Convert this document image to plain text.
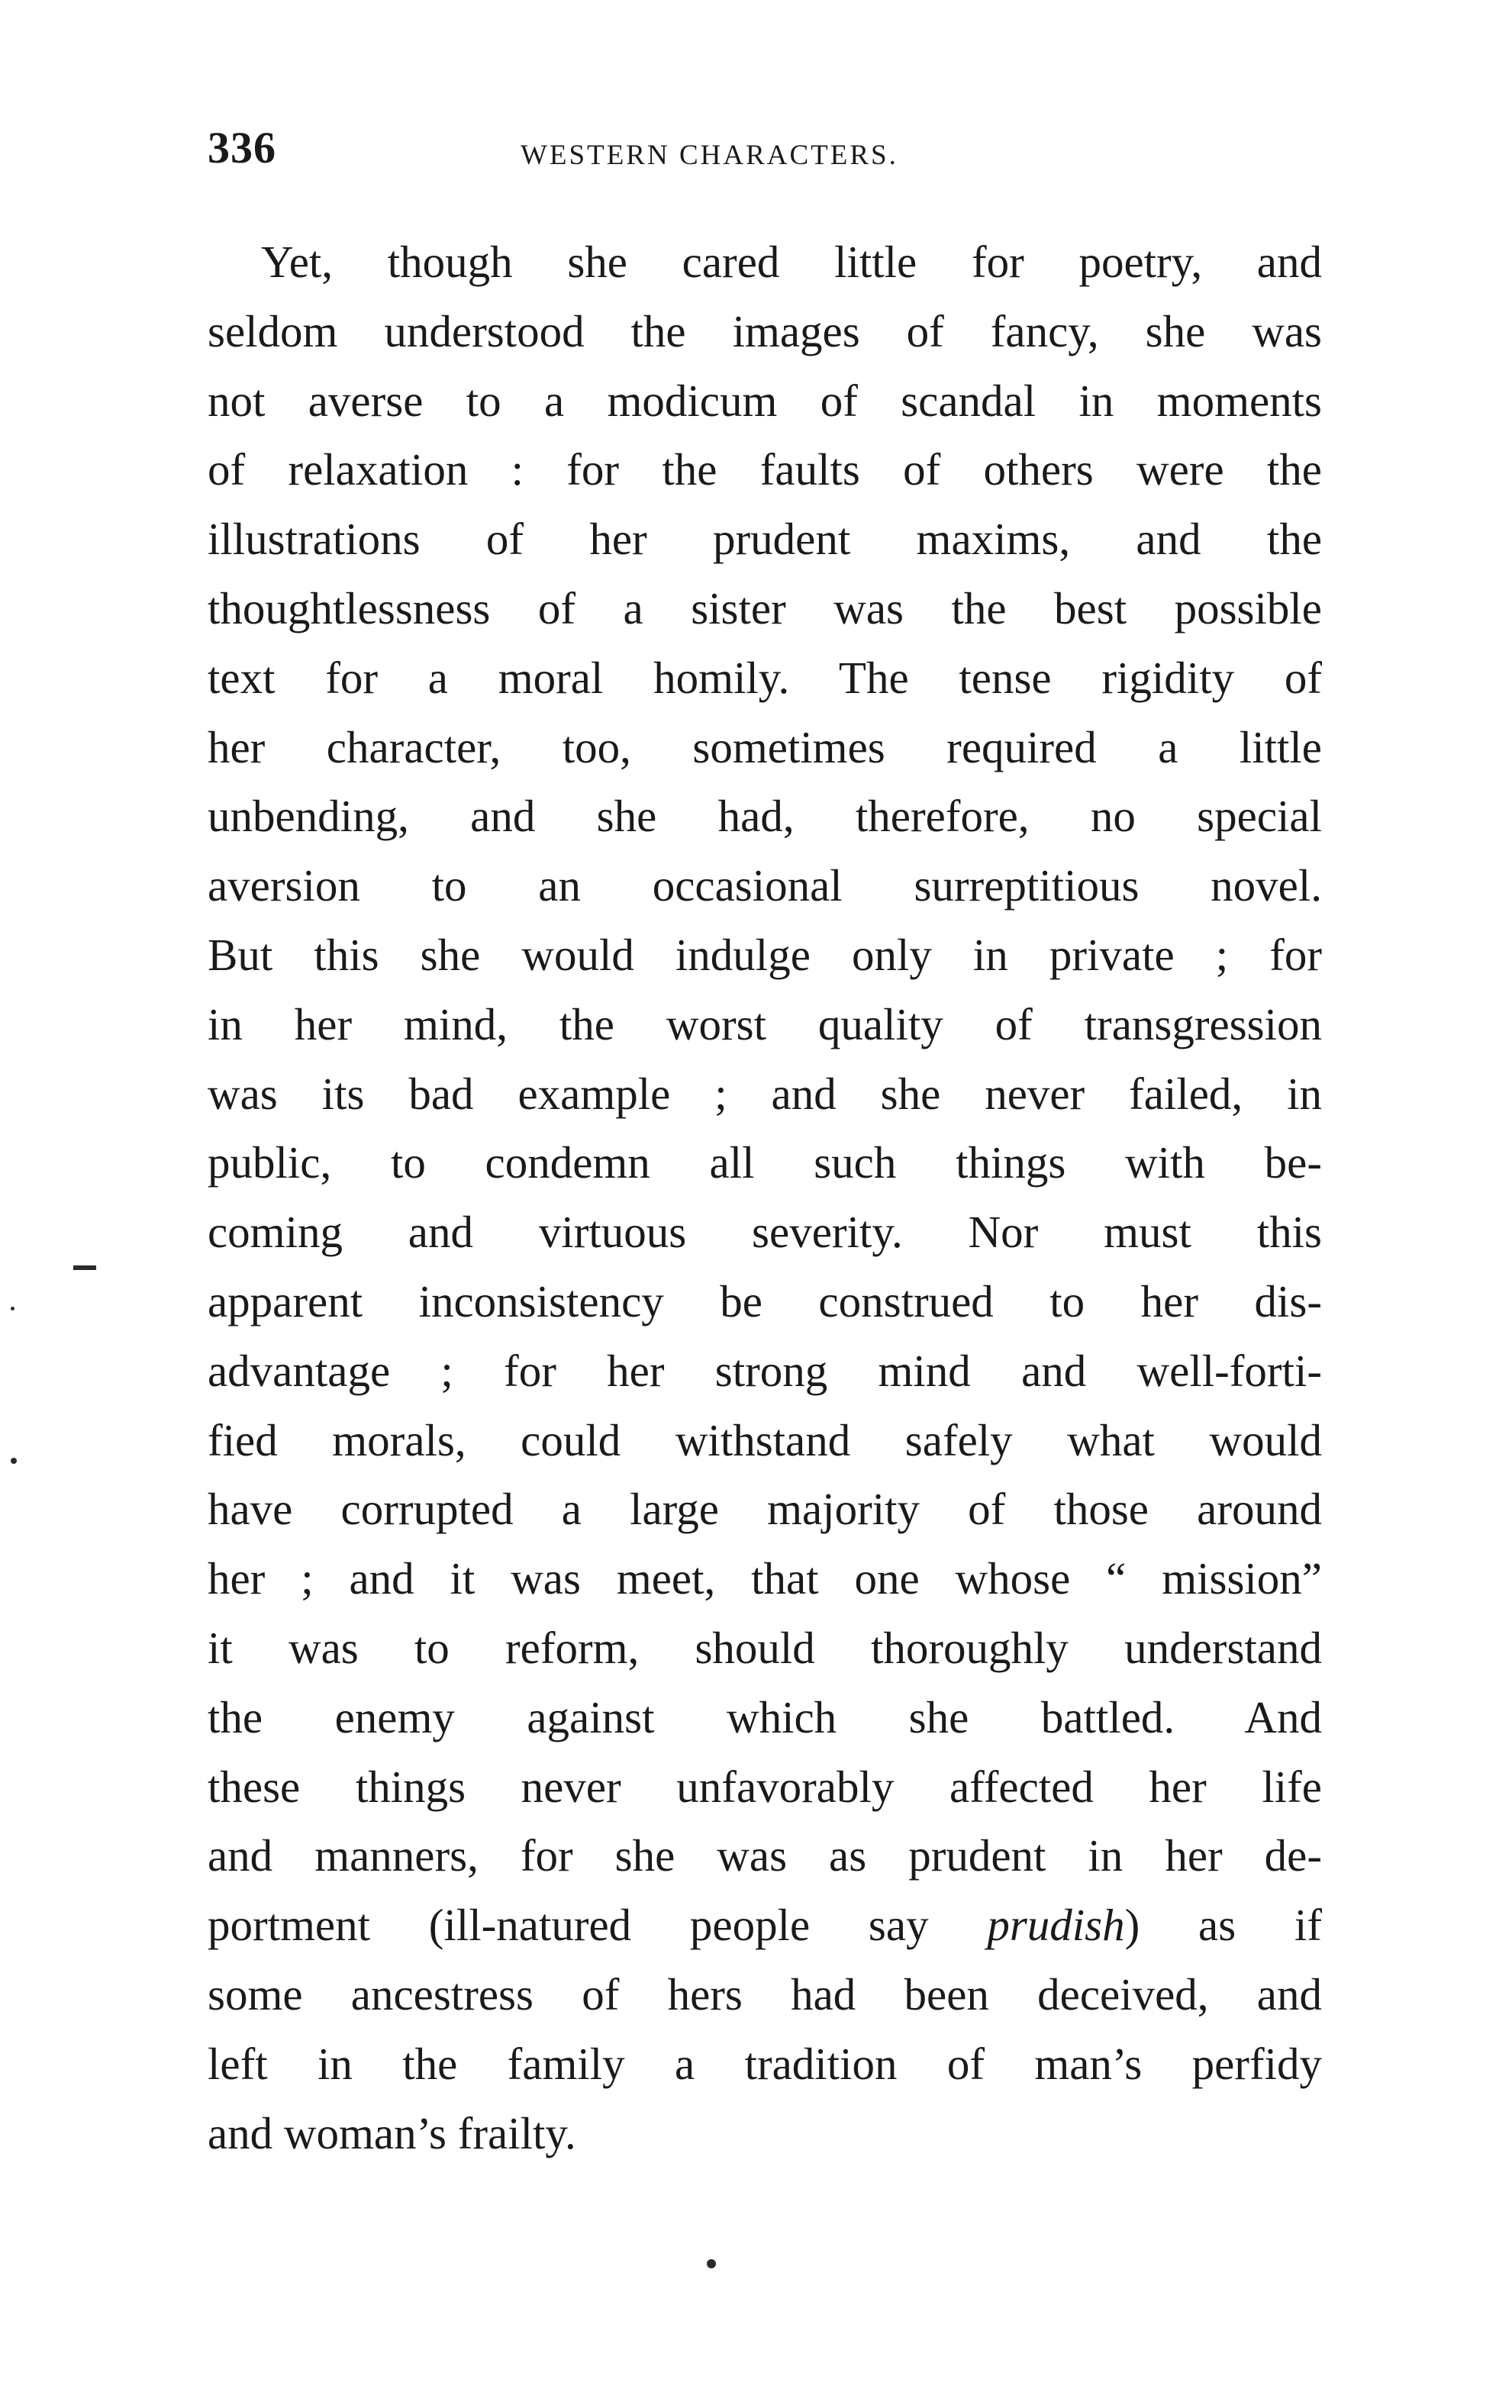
336	WESTERN CHARACTERS.
Yet, though she cared little for poetry, and
seldom understood the images of fancy, she was
not averse to a modicum of scandal in moments
of relaxation : for the faults of others were the
illustrations of her prudent maxims, and the
thoughtlessness of a sister was the best possible
text for a moral homily. The tense rigidity of
her character, too, sometimes required a little
unbending, and she had, therefore, no special
aversion to an occasional surreptitious novel.
But this she would indulge only in private ; for
in her mind, the worst quality of transgression
was its bad example ; and she never failed, in
public, to condemn all such things with be-
coming and virtuous severity. Nor must this
apparent inconsistency be construed to her dis-
advantage ; for her strong mind and well-forti-
fied morals, could withstand safely what would
have corrupted a large majority of those around
her ; and it was meet, that one whose “ mission”
it was to reform, should thoroughly understand
the enemy against which she battled. And
these things never unfavorably affected her life
and manners, for she was as prudent in her de-
portment (ill-natured people say prudish) as if
some ancestress of hers had been deceived, and
left in the family a tradition of man’s perfidy
and woman’s frailty.
